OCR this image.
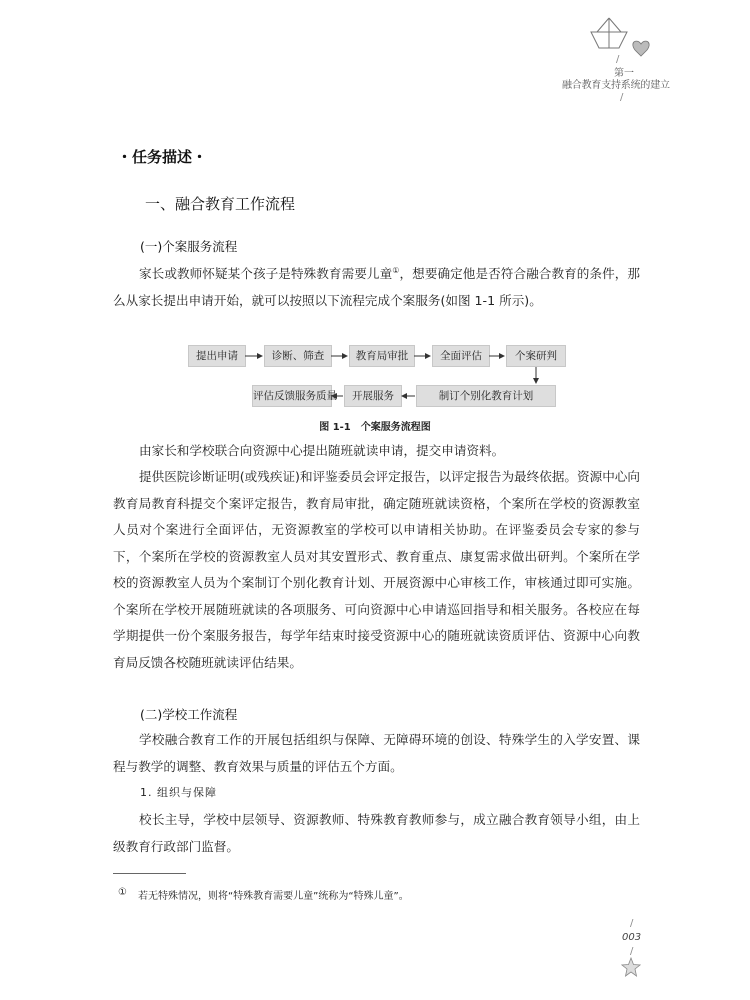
/
第一
融合教育支持系统的建立
/
・任务描述・
一、融合教育工作流程
(一)个案服务流程

家长或教师怀疑某个孩子是特殊教育需要儿童①，想要确定他是否符合融合教育的条件，那么从家长提出申请开始，就可以按照以下流程完成个案服务(如图 1-1 所示)。

提出申请	诊断、筛查	教育局审批	全面评估	个案研判
制订个别化教育计划
开展服务
评估反馈服务质量
图 1-1　个案服务流程图

由家长和学校联合向资源中心提出随班就读申请，提交申请资料。

提供医院诊断证明(或残疾证)和评鉴委员会评定报告，以评定报告为最终依据。资源中心向教育局教育科提交个案评定报告，教育局审批，确定随班就读资格，个案所在学校的资源教室人员对个案进行全面评估，无资源教室的学校可以申请相关协助。在评鉴委员会专家的参与下，个案所在学校的资源教室人员对其安置形式、教育重点、康复需求做出研判。个案所在学校的资源教室人员为个案制订个别化教育计划、开展资源中心审核工作，审核通过即可实施。个案所在学校开展随班就读的各项服务、可向资源中心申请巡回指导和相关服务。各校应在每学期提供一份个案服务报告，每学年结束时接受资源中心的随班就读资质评估、资源中心向教育局反馈各校随班就读评估结果。

(二)学校工作流程

学校融合教育工作的开展包括组织与保障、无障碍环境的创设、特殊学生的入学安置、课程与教学的调整、教育效果与质量的评估五个方面。

1. 组织与保障

校长主导，学校中层领导、资源教师、特殊教育教师参与，成立融合教育领导小组，由上级教育行政部门监督。

① 若无特殊情况，则将“特殊教育需要儿童”统称为“特殊儿童”。
/
003
/
